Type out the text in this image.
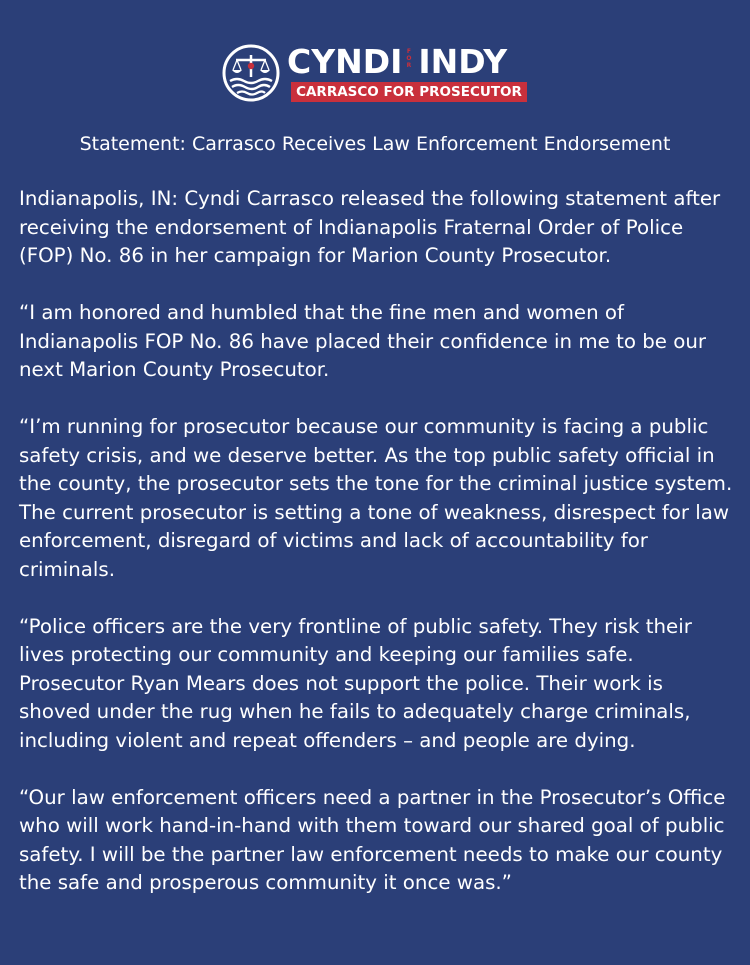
CYNDI FOR INDY
CARRASCO FOR PROSECUTOR
Statement: Carrasco Receives Law Enforcement Endorsement

Indianapolis, IN: Cyndi Carrasco released the following statement after receiving the endorsement of Indianapolis Fraternal Order of Police (FOP) No. 86 in her campaign for Marion County Prosecutor.

“I am honored and humbled that the fine men and women of Indianapolis FOP No. 86 have placed their confidence in me to be our next Marion County Prosecutor.

“I’m running for prosecutor because our community is facing a public safety crisis, and we deserve better. As the top public safety official in the county, the prosecutor sets the tone for the criminal justice system. The current prosecutor is setting a tone of weakness, disrespect for law enforcement, disregard of victims and lack of accountability for criminals.

“Police officers are the very frontline of public safety. They risk their lives protecting our community and keeping our families safe. Prosecutor Ryan Mears does not support the police. Their work is shoved under the rug when he fails to adequately charge criminals, including violent and repeat offenders – and people are dying.

“Our law enforcement officers need a partner in the Prosecutor’s Office who will work hand-in-hand with them toward our shared goal of public safety. I will be the partner law enforcement needs to make our county the safe and prosperous community it once was.”
